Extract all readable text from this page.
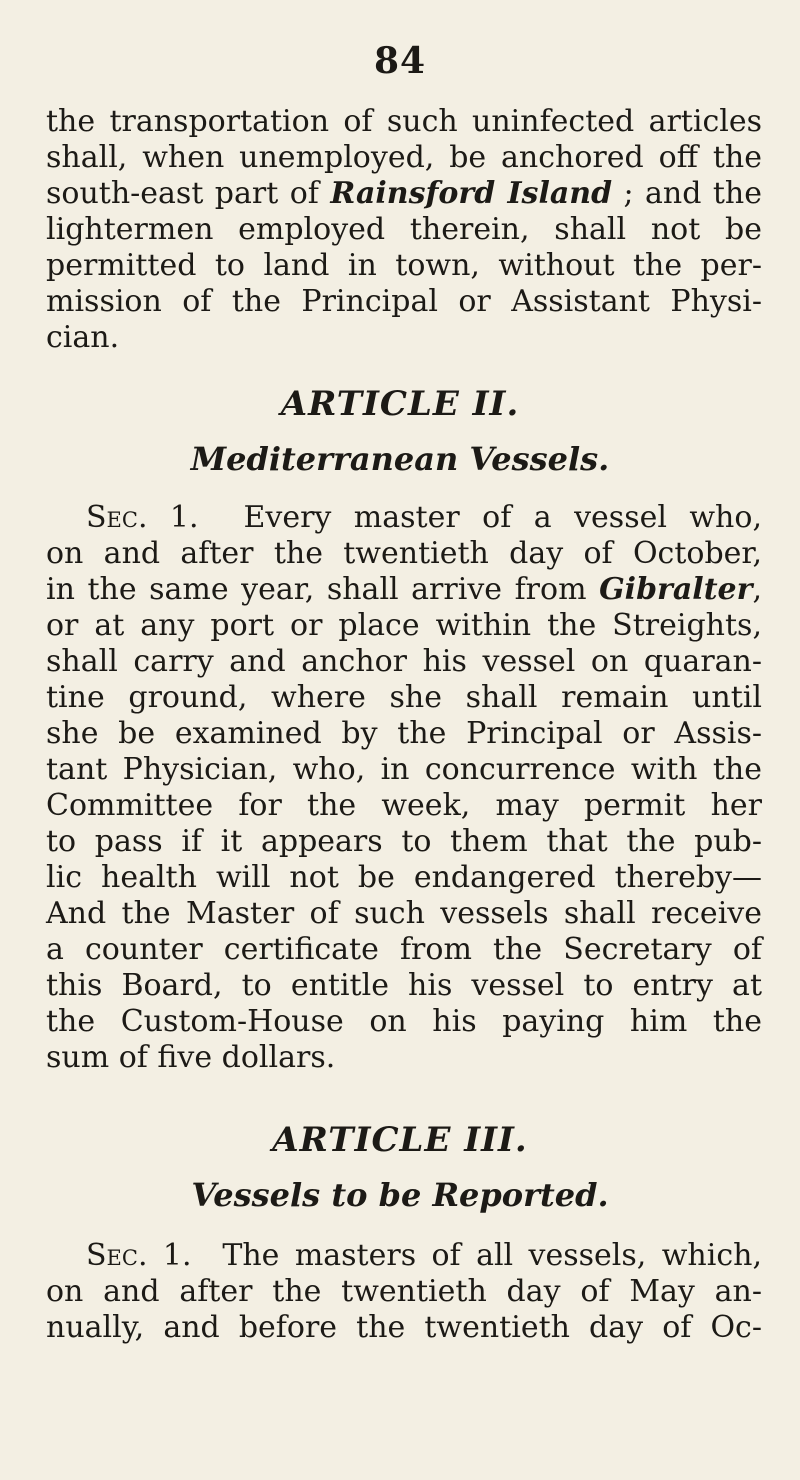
84
the transportation of such uninfected articles
shall, when unemployed, be anchored off the
south-east part of Rainsford Island ; and the
lightermen employed therein, shall not be
permitted to land in town, without the per-
mission of the Principal or Assistant Physi-
cian.
ARTICLE II.
Mediterranean Vessels.
Sec. 1. Every master of a vessel who,
on and after the twentieth day of October,
in the same year, shall arrive from Gibralter,
or at any port or place within the Streights,
shall carry and anchor his vessel on quaran-
tine ground, where she shall remain until
she be examined by the Principal or Assis-
tant Physician, who, in concurrence with the
Committee for the week, may permit her
to pass if it appears to them that the pub-
lic health will not be endangered thereby—
And the Master of such vessels shall receive
a counter certificate from the Secretary of
this Board, to entitle his vessel to entry at
the Custom-House on his paying him the
sum of five dollars.
ARTICLE III.
Vessels to be Reported.
Sec. 1. The masters of all vessels, which,
on and after the twentieth day of May an-
nually, and before the twentieth day of Oc-
